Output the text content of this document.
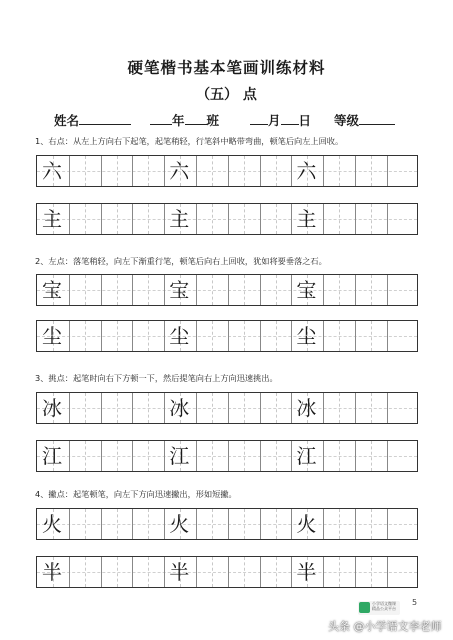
硬笔楷书基本笔画训练材料
（五） 点
姓名	年 班	月 日 等级
1、右点：从左上方向右下起笔，起笔稍轻，行笔斜中略带弯曲，顿笔后向左上回收。
六	六	六
主	主	主
2、左点：落笔稍轻，向左下渐重行笔，顿笔后向右上回收，犹如将要垂落之石。
宝	宝	宝
尘	尘	尘
3、挑点：起笔时向右下方顿一下，然后提笔向右上方向迅速挑出。
冰	冰	冰
江	江	江
4、撇点：起笔顿笔，向左下方向迅速撇出，形如短撇。
火	火	火
半	半	半
小学语文微课
精品公众平台
5
头条 @小学语文李老师
